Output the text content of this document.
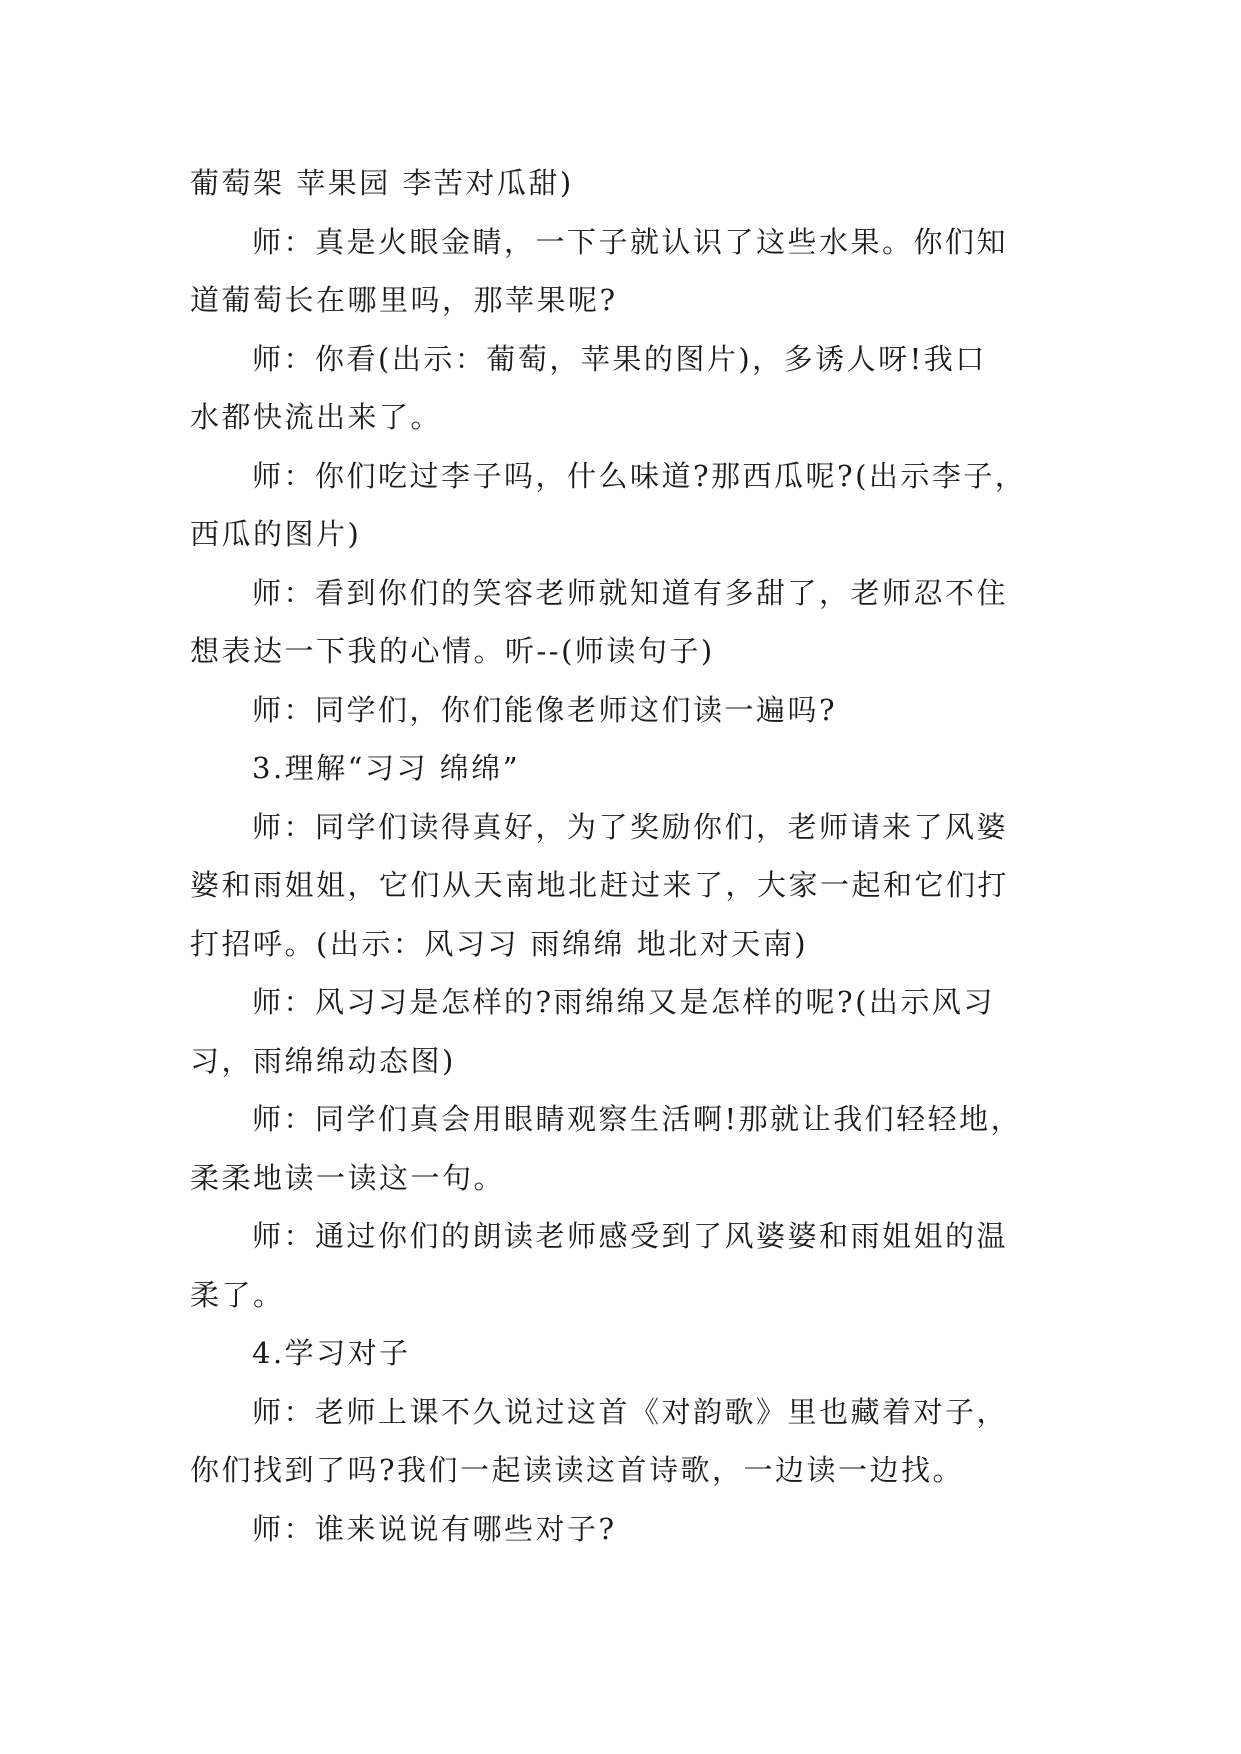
葡萄架 苹果园 李苦对瓜甜)
师：真是火眼金睛，一下子就认识了这些水果。你们知
道葡萄长在哪里吗，那苹果呢?
师：你看(出示：葡萄，苹果的图片)，多诱人呀!我口
水都快流出来了。
师：你们吃过李子吗，什么味道?那西瓜呢?(出示李子，
西瓜的图片)
师：看到你们的笑容老师就知道有多甜了，老师忍不住
想表达一下我的心情。听--(师读句子)
师：同学们，你们能像老师这们读一遍吗?
3.理解“习习 绵绵”
师：同学们读得真好，为了奖励你们，老师请来了风婆
婆和雨姐姐，它们从天南地北赶过来了，大家一起和它们打
打招呼。(出示：风习习 雨绵绵 地北对天南)
师：风习习是怎样的?雨绵绵又是怎样的呢?(出示风习
习，雨绵绵动态图)
师：同学们真会用眼睛观察生活啊!那就让我们轻轻地，
柔柔地读一读这一句。
师：通过你们的朗读老师感受到了风婆婆和雨姐姐的温
柔了。
4.学习对子
师：老师上课不久说过这首《对韵歌》里也藏着对子，
你们找到了吗?我们一起读读这首诗歌，一边读一边找。
师：谁来说说有哪些对子?
